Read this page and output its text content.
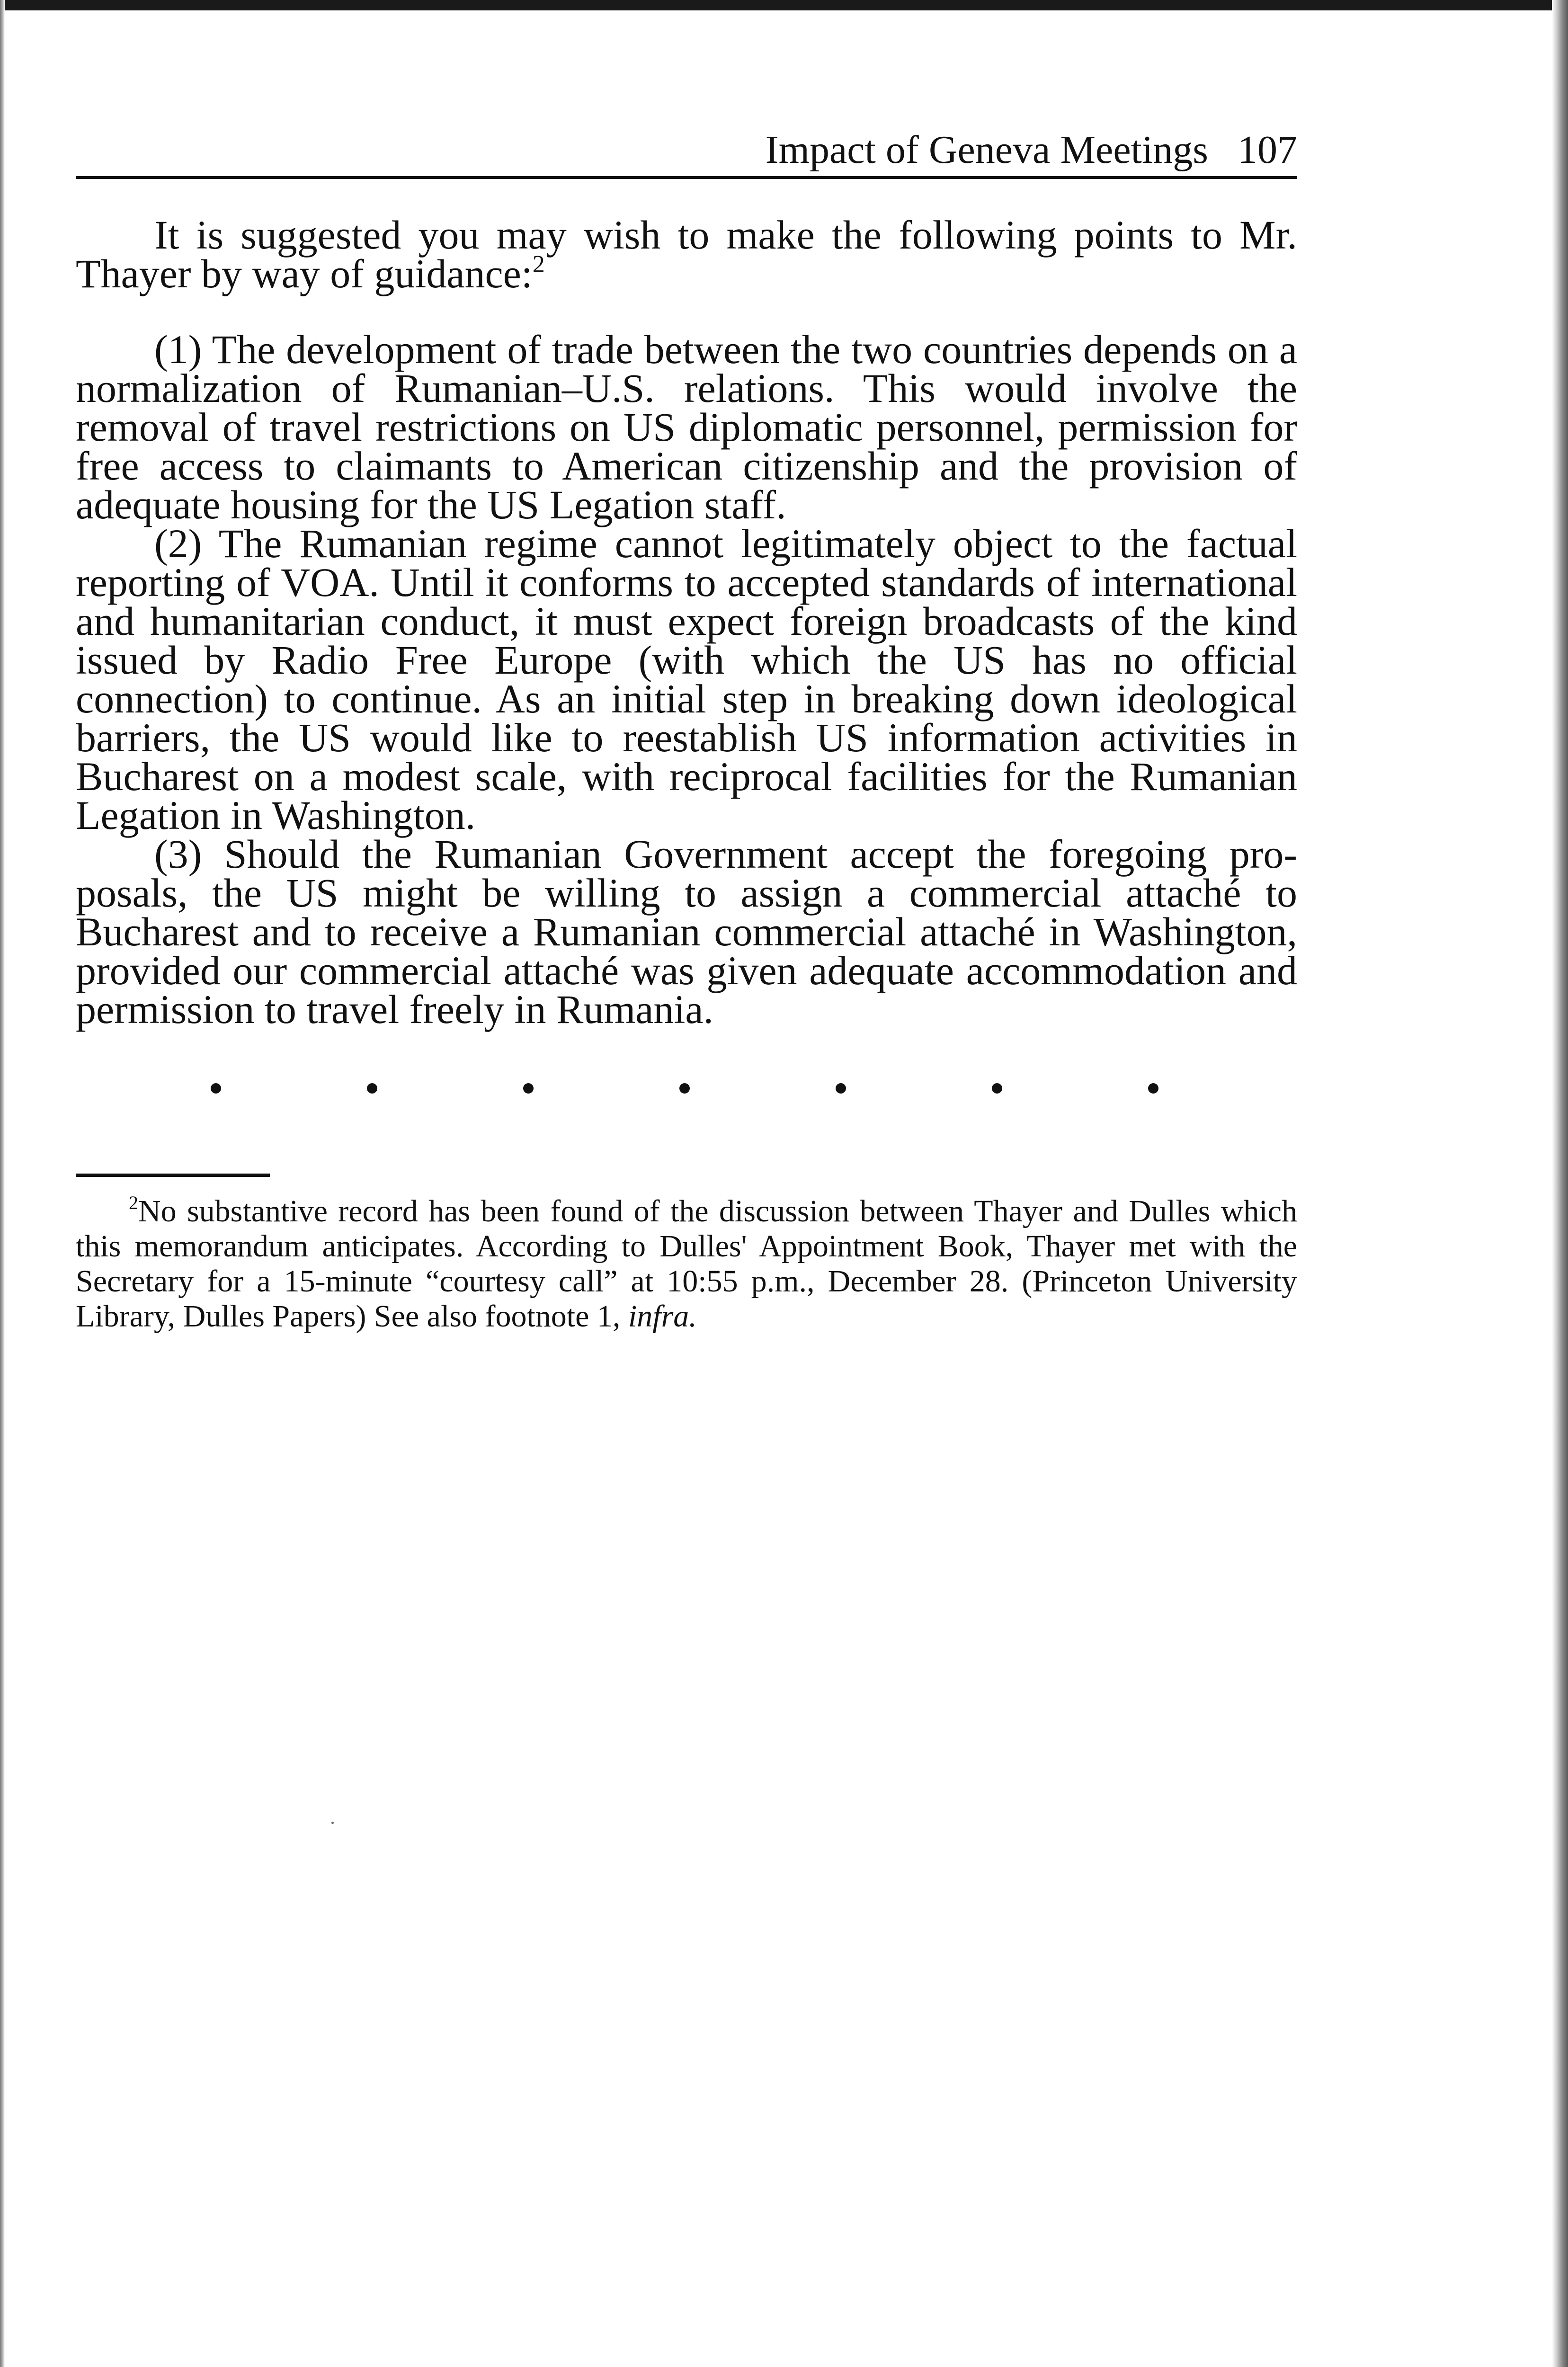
Impact of Geneva Meetings 107

It is suggested you may wish to make the following points to Mr. Thayer by way of guidance:$^2$

(1) The development of trade between the two countries depends on a normalization of Rumanian–U.S. relations. This would involve the removal of travel restrictions on US diplomatic personnel, permission for free access to claimants to American citizenship and the provision of adequate housing for the US Legation staff.

(2) The Rumanian regime cannot legitimately object to the factual reporting of VOA. Until it conforms to accepted standards of international and humanitarian conduct, it must expect foreign broadcasts of the kind issued by Radio Free Europe (with which the US has no official connection) to continue. As an initial step in breaking down ideological barriers, the US would like to reestablish US information activities in Bucharest on a modest scale, with reciprocal facilities for the Rumanian Legation in Washington.

(3) Should the Rumanian Government accept the foregoing proposals, the US might be willing to assign a commercial attaché to Bucharest and to receive a Rumanian commercial attaché in Washington, provided our commercial attaché was given adequate accommodation and permission to travel freely in Rumania.

$^2$No substantive record has been found of the discussion between Thayer and Dulles which this memorandum anticipates. According to Dulles' Appointment Book, Thayer met with the Secretary for a 15-minute “courtesy call” at 10:55 p.m., December 28. (Princeton University Library, Dulles Papers) See also footnote 1, infra.
